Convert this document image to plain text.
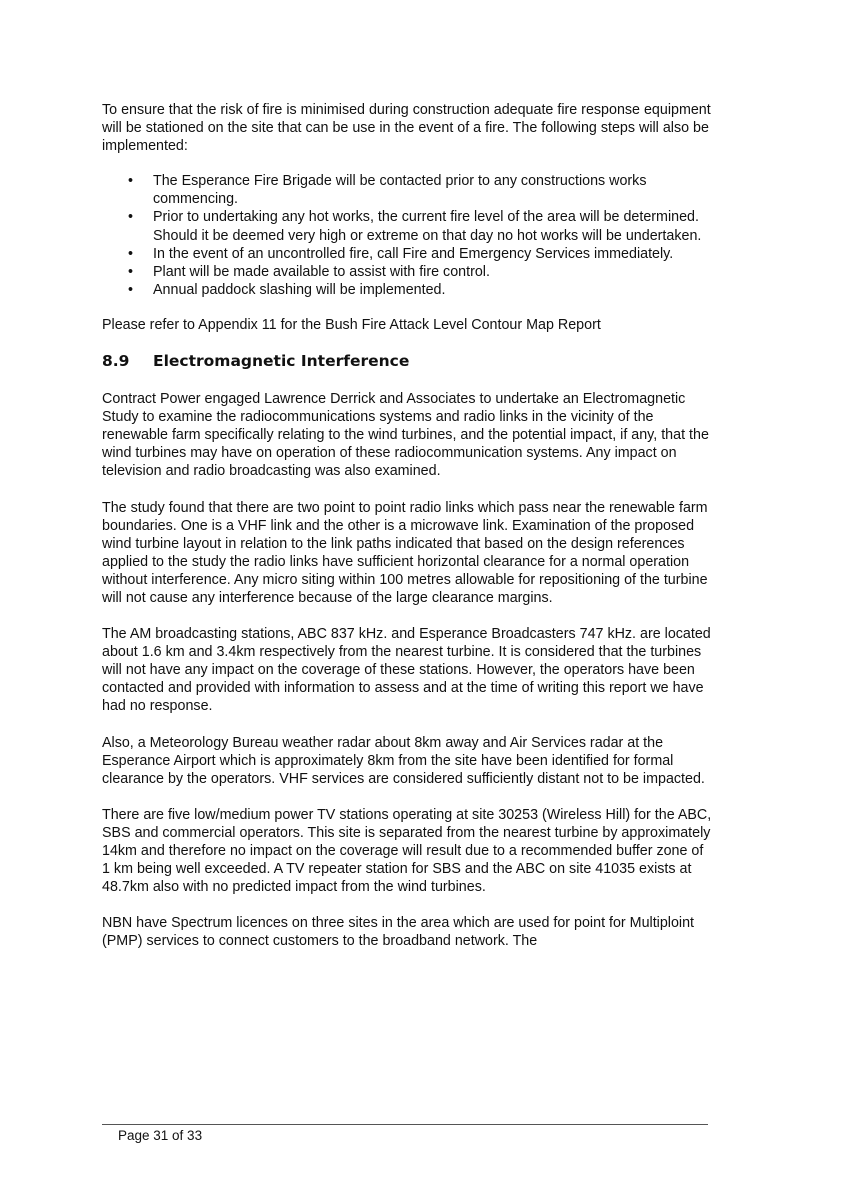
To ensure that the risk of fire is minimised during construction adequate fire response equipment will be stationed on the site that can be use in the event of a fire. The following steps will also be implemented:

• The Esperance Fire Brigade will be contacted prior to any constructions works commencing.
• Prior to undertaking any hot works, the current fire level of the area will be determined. Should it be deemed very high or extreme on that day no hot works will be undertaken.
• In the event of an uncontrolled fire, call Fire and Emergency Services immediately.
• Plant will be made available to assist with fire control.
• Annual paddock slashing will be implemented.

Please refer to Appendix 11 for the Bush Fire Attack Level Contour Map Report

8.9 Electromagnetic Interference

Contract Power engaged Lawrence Derrick and Associates to undertake an Electromagnetic Study to examine the radiocommunications systems and radio links in the vicinity of the renewable farm specifically relating to the wind turbines, and the potential impact, if any, that the wind turbines may have on operation of these radiocommunication systems. Any impact on television and radio broadcasting was also examined.

The study found that there are two point to point radio links which pass near the renewable farm boundaries. One is a VHF link and the other is a microwave link. Examination of the proposed wind turbine layout in relation to the link paths indicated that based on the design references applied to the study the radio links have sufficient horizontal clearance for a normal operation without interference. Any micro siting within 100 metres allowable for repositioning of the turbine will not cause any interference because of the large clearance margins.

The AM broadcasting stations, ABC 837 kHz. and Esperance Broadcasters 747 kHz. are located about 1.6 km and 3.4km respectively from the nearest turbine. It is considered that the turbines will not have any impact on the coverage of these stations. However, the operators have been contacted and provided with information to assess and at the time of writing this report we have had no response.

Also, a Meteorology Bureau weather radar about 8km away and Air Services radar at the Esperance Airport which is approximately 8km from the site have been identified for formal clearance by the operators. VHF services are considered sufficiently distant not to be impacted.

There are five low/medium power TV stations operating at site 30253 (Wireless Hill) for the ABC, SBS and commercial operators. This site is separated from the nearest turbine by approximately 14km and therefore no impact on the coverage will result due to a recommended buffer zone of 1 km being well exceeded. A TV repeater station for SBS and the ABC on site 41035 exists at 48.7km also with no predicted impact from the wind turbines.

NBN have Spectrum licences on three sites in the area which are used for point for Multiploint (PMP) services to connect customers to the broadband network. The

Page 31 of 33
